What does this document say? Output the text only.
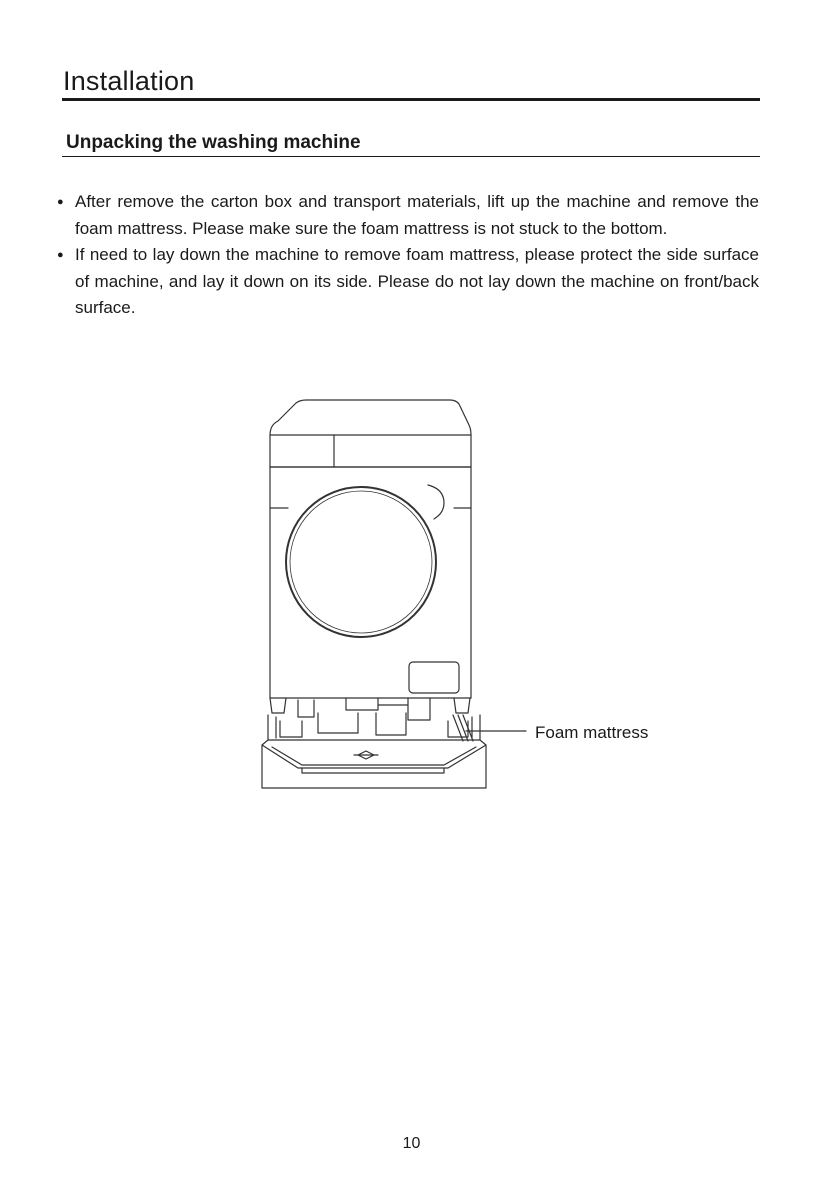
Installation
Unpacking the washing machine
● After remove the carton box and transport materials, lift up the machine and remove the foam mattress. Please make sure the foam mattress is not stuck to the bottom.
● If need to lay down the machine to remove foam mattress, please protect the side surface of machine, and lay it down on its side. Please do not lay down the machine on front/back surface.
Foam mattress
10
